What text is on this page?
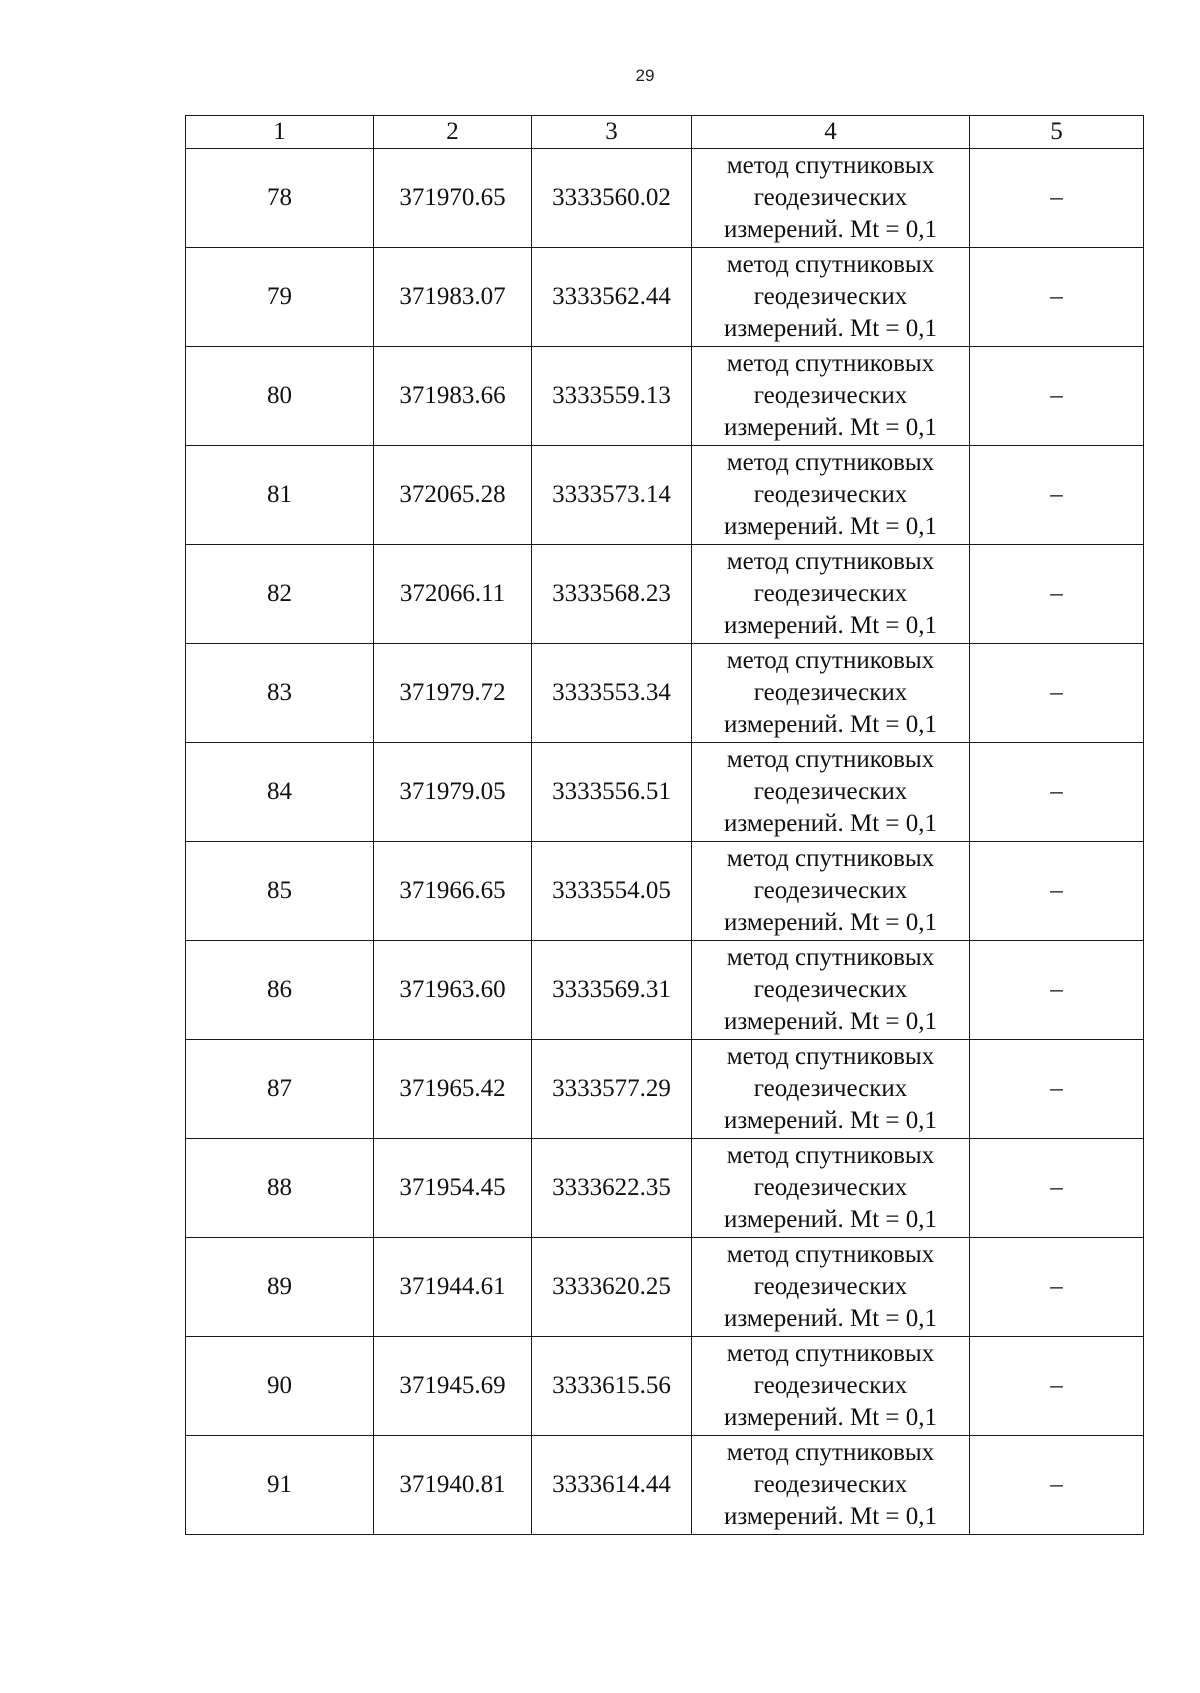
29
1	2	3	4	5
78	371970.65	3333560.02	метод спутниковых
геодезических
измерений. Mt = 0,1	–
79	371983.07	3333562.44	метод спутниковых
геодезических
измерений. Mt = 0,1	–
80	371983.66	3333559.13	метод спутниковых
геодезических
измерений. Mt = 0,1	–
81	372065.28	3333573.14	метод спутниковых
геодезических
измерений. Mt = 0,1	–
82	372066.11	3333568.23	метод спутниковых
геодезических
измерений. Mt = 0,1	–
83	371979.72	3333553.34	метод спутниковых
геодезических
измерений. Mt = 0,1	–
84	371979.05	3333556.51	метод спутниковых
геодезических
измерений. Mt = 0,1	–
85	371966.65	3333554.05	метод спутниковых
геодезических
измерений. Mt = 0,1	–
86	371963.60	3333569.31	метод спутниковых
геодезических
измерений. Mt = 0,1	–
87	371965.42	3333577.29	метод спутниковых
геодезических
измерений. Mt = 0,1	–
88	371954.45	3333622.35	метод спутниковых
геодезических
измерений. Mt = 0,1	–
89	371944.61	3333620.25	метод спутниковых
геодезических
измерений. Mt = 0,1	–
90	371945.69	3333615.56	метод спутниковых
геодезических
измерений. Mt = 0,1	–
91	371940.81	3333614.44	метод спутниковых
геодезических
измерений. Mt = 0,1	–
